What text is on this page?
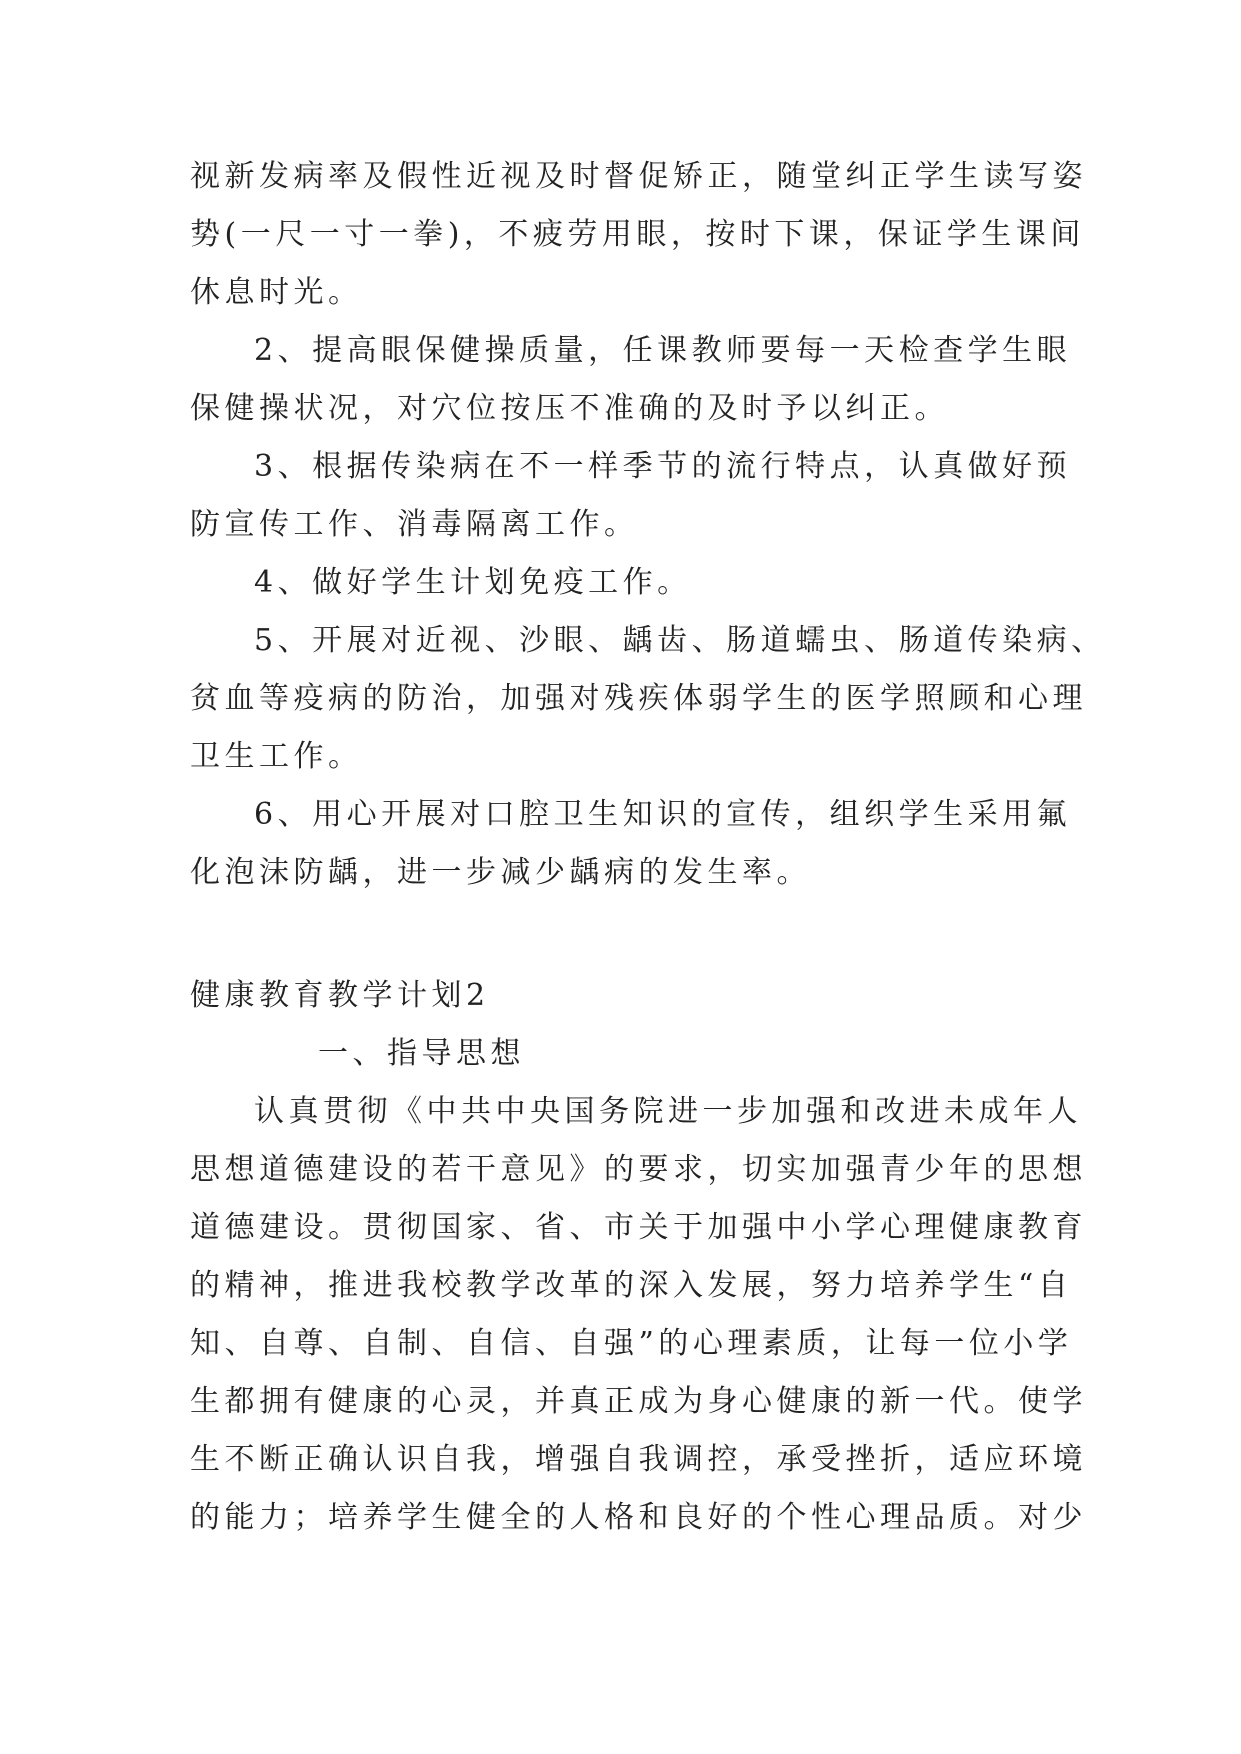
视新发病率及假性近视及时督促矫正，随堂纠正学生读写姿
势(一尺一寸一拳)，不疲劳用眼，按时下课，保证学生课间
休息时光。
2、提高眼保健操质量，任课教师要每一天检查学生眼
保健操状况，对穴位按压不准确的及时予以纠正。
3、根据传染病在不一样季节的流行特点，认真做好预
防宣传工作、消毒隔离工作。
4、做好学生计划免疫工作。
5、开展对近视、沙眼、龋齿、肠道蠕虫、肠道传染病、
贫血等疫病的防治，加强对残疾体弱学生的医学照顾和心理
卫生工作。
6、用心开展对口腔卫生知识的宣传，组织学生采用氟
化泡沫防龋，进一步减少龋病的发生率。
健康教育教学计划2
一、指导思想
认真贯彻《中共中央国务院进一步加强和改进未成年人
思想道德建设的若干意见》的要求，切实加强青少年的思想
道德建设。贯彻国家、省、市关于加强中小学心理健康教育
的精神，推进我校教学改革的深入发展，努力培养学生“自
知、自尊、自制、自信、自强”的心理素质，让每一位小学
生都拥有健康的心灵，并真正成为身心健康的新一代。使学
生不断正确认识自我，增强自我调控，承受挫折，适应环境
的能力；培养学生健全的人格和良好的个性心理品质。对少
